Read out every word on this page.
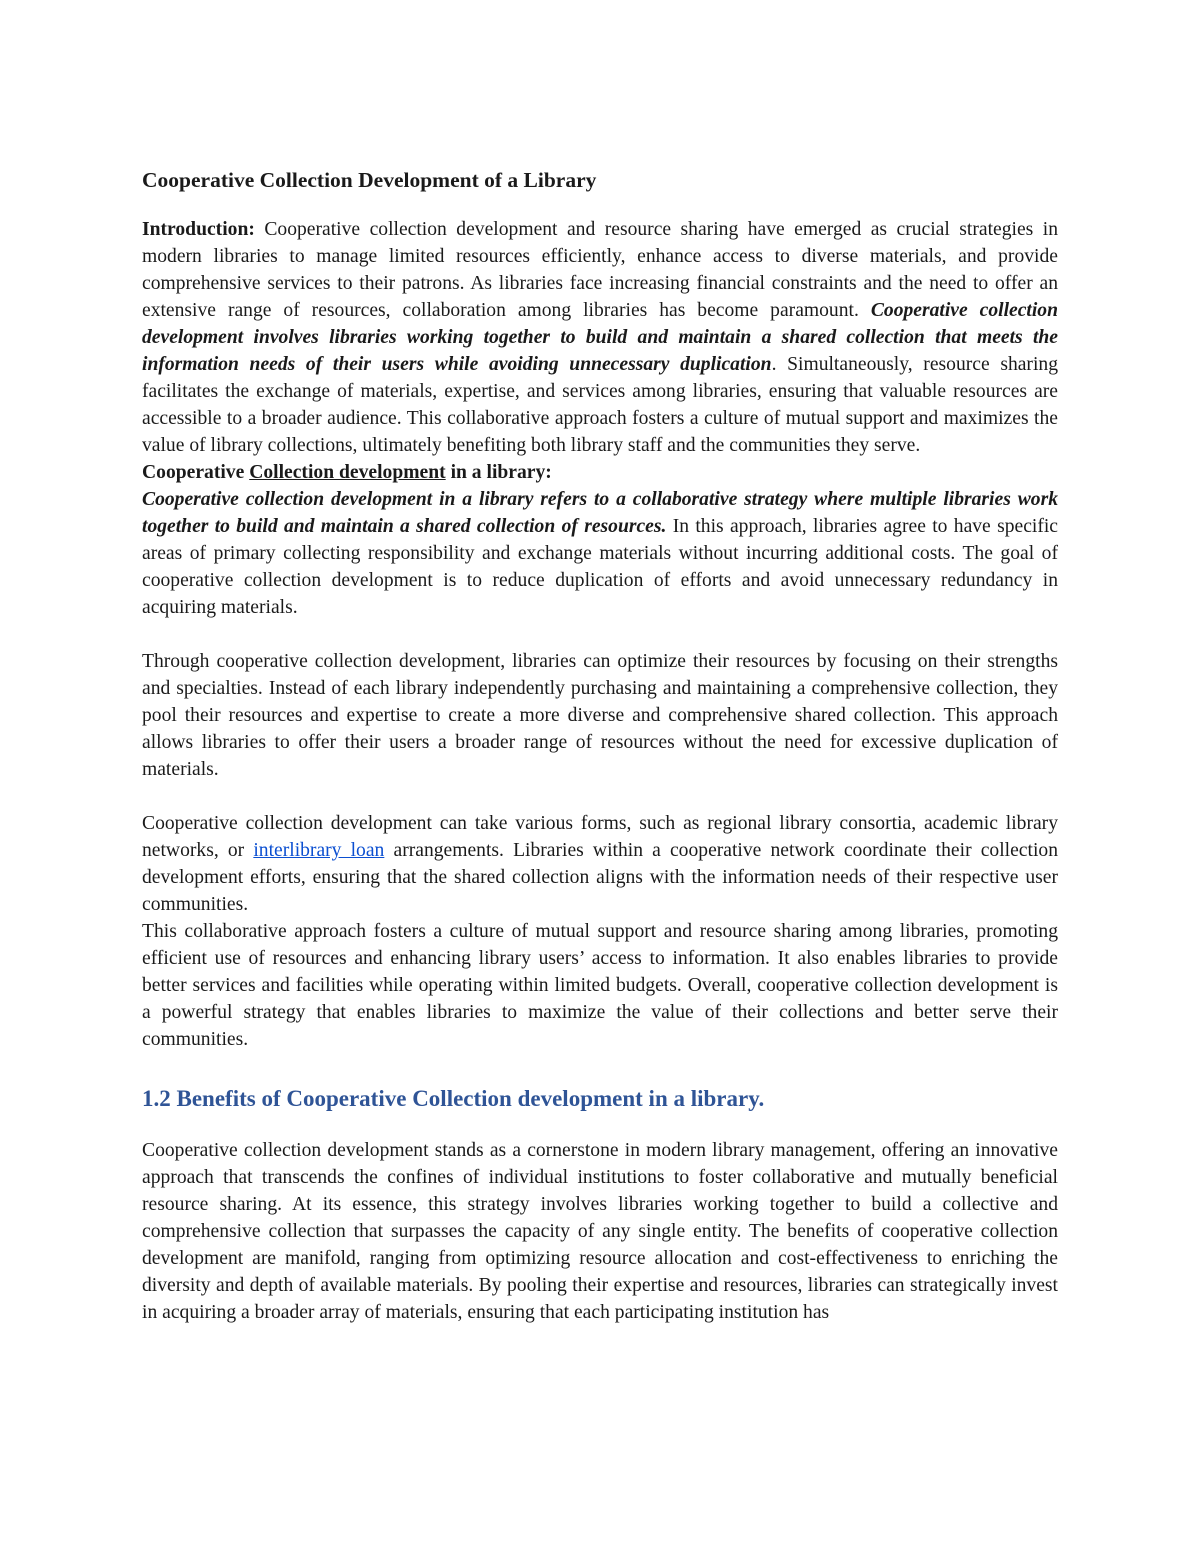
Cooperative Collection Development of a Library

Introduction: Cooperative collection development and resource sharing have emerged as crucial strategies in modern libraries to manage limited resources efficiently, enhance access to diverse materials, and provide comprehensive services to their patrons. As libraries face increasing financial constraints and the need to offer an extensive range of resources, collaboration among libraries has become paramount. Cooperative collection development involves libraries working together to build and maintain a shared collection that meets the information needs of their users while avoiding unnecessary duplication. Simultaneously, resource sharing facilitates the exchange of materials, expertise, and services among libraries, ensuring that valuable resources are accessible to a broader audience. This collaborative approach fosters a culture of mutual support and maximizes the value of library collections, ultimately benefiting both library staff and the communities they serve.

Cooperative Collection development in a library:

Cooperative collection development in a library refers to a collaborative strategy where multiple libraries work together to build and maintain a shared collection of resources. In this approach, libraries agree to have specific areas of primary collecting responsibility and exchange materials without incurring additional costs. The goal of cooperative collection development is to reduce duplication of efforts and avoid unnecessary redundancy in acquiring materials.

Through cooperative collection development, libraries can optimize their resources by focusing on their strengths and specialties. Instead of each library independently purchasing and maintaining a comprehensive collection, they pool their resources and expertise to create a more diverse and comprehensive shared collection. This approach allows libraries to offer their users a broader range of resources without the need for excessive duplication of materials.

Cooperative collection development can take various forms, such as regional library consortia, academic library networks, or interlibrary loan arrangements. Libraries within a cooperative network coordinate their collection development efforts, ensuring that the shared collection aligns with the information needs of their respective user communities.

This collaborative approach fosters a culture of mutual support and resource sharing among libraries, promoting efficient use of resources and enhancing library users’ access to information. It also enables libraries to provide better services and facilities while operating within limited budgets. Overall, cooperative collection development is a powerful strategy that enables libraries to maximize the value of their collections and better serve their communities.

1.2 Benefits of Cooperative Collection development in a library.

Cooperative collection development stands as a cornerstone in modern library management, offering an innovative approach that transcends the confines of individual institutions to foster collaborative and mutually beneficial resource sharing. At its essence, this strategy involves libraries working together to build a collective and comprehensive collection that surpasses the capacity of any single entity. The benefits of cooperative collection development are manifold, ranging from optimizing resource allocation and cost-effectiveness to enriching the diversity and depth of available materials. By pooling their expertise and resources, libraries can strategically invest in acquiring a broader array of materials, ensuring that each participating institution has
